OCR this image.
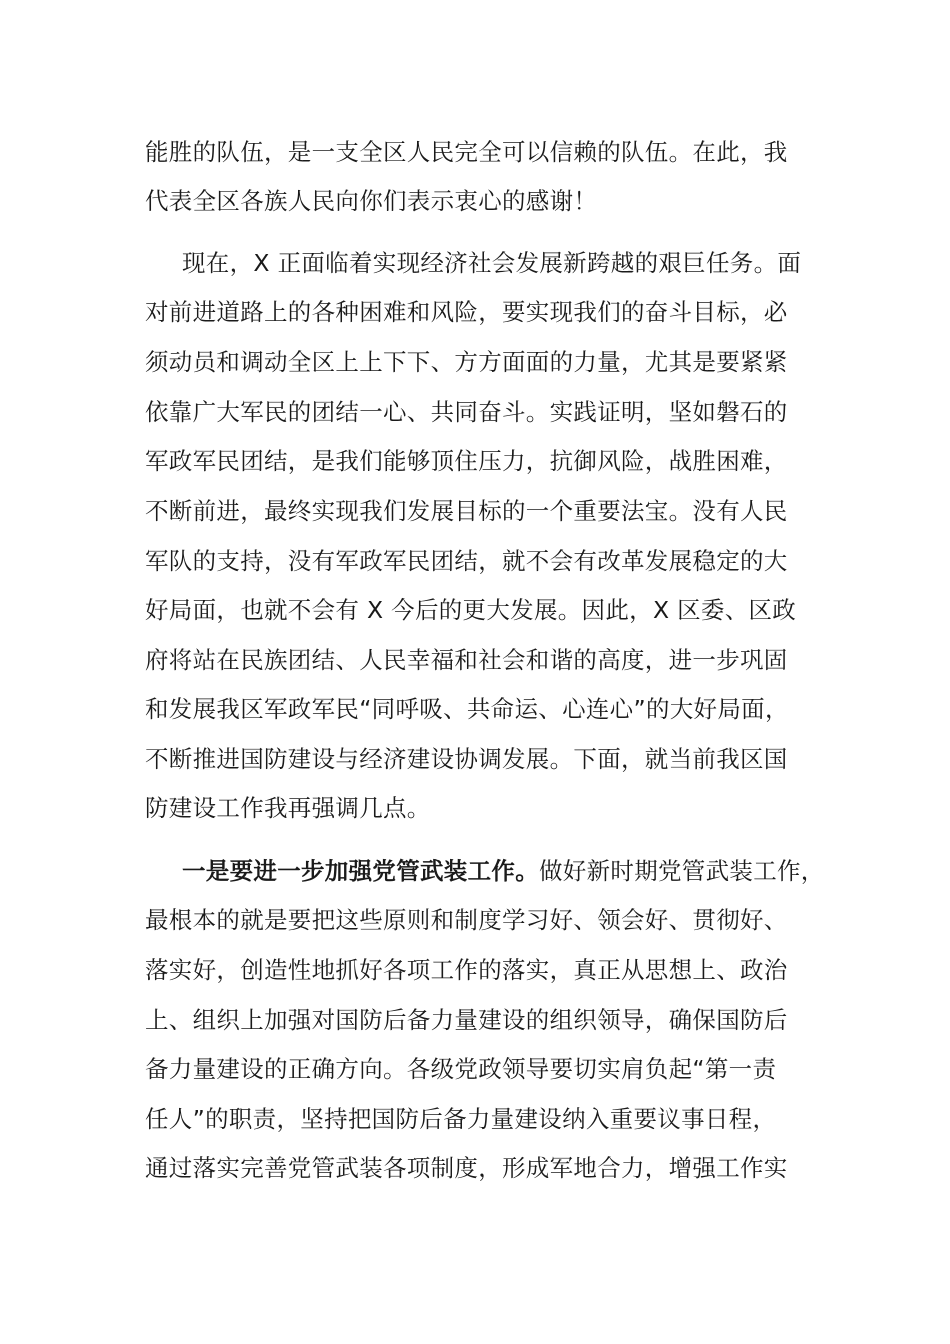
能胜的队伍，是一支全区人民完全可以信赖的队伍。在此，我
代表全区各族人民向你们表示衷心的感谢！
现在，X 正面临着实现经济社会发展新跨越的艰巨任务。面
对前进道路上的各种困难和风险，要实现我们的奋斗目标，必
须动员和调动全区上上下下、方方面面的力量，尤其是要紧紧
依靠广大军民的团结一心、共同奋斗。实践证明，坚如磐石的
军政军民团结，是我们能够顶住压力，抗御风险，战胜困难，
不断前进，最终实现我们发展目标的一个重要法宝。没有人民
军队的支持，没有军政军民团结，就不会有改革发展稳定的大
好局面，也就不会有 X 今后的更大发展。因此，X 区委、区政
府将站在民族团结、人民幸福和社会和谐的高度，进一步巩固
和发展我区军政军民“同呼吸、共命运、心连心”的大好局面，
不断推进国防建设与经济建设协调发展。下面，就当前我区国
防建设工作我再强调几点。
一是要进一步加强党管武装工作。做好新时期党管武装工作，
最根本的就是要把这些原则和制度学习好、领会好、贯彻好、
落实好，创造性地抓好各项工作的落实，真正从思想上、政治
上、组织上加强对国防后备力量建设的组织领导，确保国防后
备力量建设的正确方向。各级党政领导要切实肩负起“第一责
任人”的职责，坚持把国防后备力量建设纳入重要议事日程，
通过落实完善党管武装各项制度，形成军地合力，增强工作实
